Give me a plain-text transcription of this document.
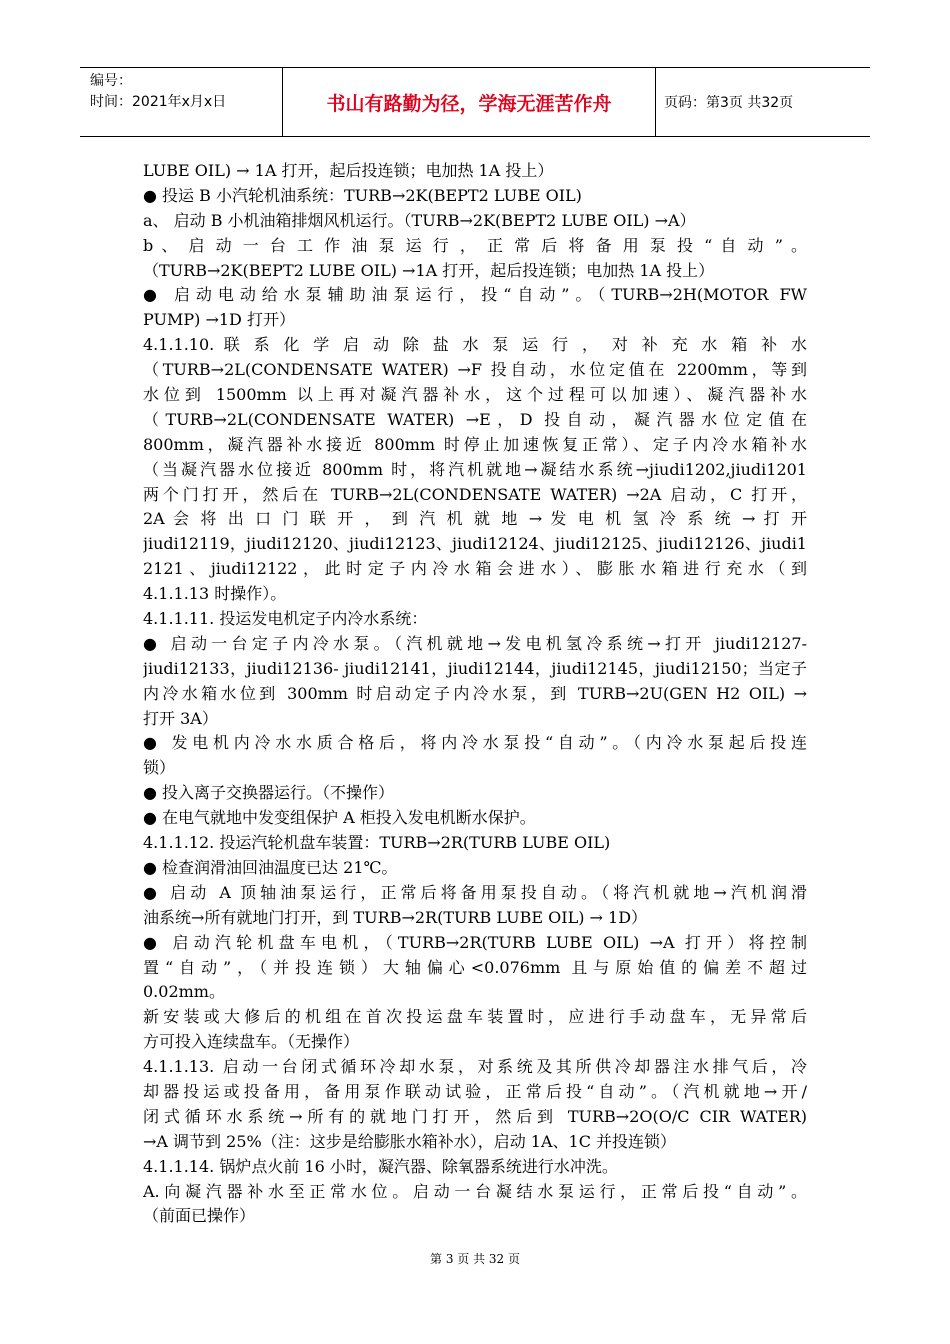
编号：
时间：2021年x月x日	书山有路勤为径，学海无涯苦作舟	页码：第3页 共32页
LUBE OIL) → 1A 打开，起后投连锁；电加热 1A 投上）
● 投运 B 小汽轮机油系统：TURB→2K(BEPT2 LUBE OIL)
a、 启动 B 小机油箱排烟风机运行。（TURB→2K(BEPT2 LUBE OIL) →A）
b 、 启 动 一 台 工 作 油 泵 运 行 ， 正 常 后 将 备 用 泵 投 “ 自 动 ” 。
（TURB→2K(BEPT2 LUBE OIL) →1A 打开，起后投连锁；电加热 1A 投上）
● 启动电动给水泵辅助油泵运行，投“自动”。（TURB→2H(MOTOR FW
PUMP) →1D 打开）
4.1.1.10. 联 系 化 学 启 动 除 盐 水 泵 运 行 ， 对 补 充 水 箱 补 水
（TURB→2L(CONDENSATE WATER) →F 投自动，水位定值在 2200mm，等到
水位到 1500mm 以上再对凝汽器补水，这个过程可以加速）、凝汽器补水
（TURB→2L(CONDENSATE WATER) →E，D 投自动，凝汽器水位定值在
800mm，凝汽器补水接近 800mm 时停止加速恢复正常）、定子内冷水箱补水
（当凝汽器水位接近 800mm 时，将汽机就地→凝结水系统→jiudi1202,jiudi1201
两个门打开，然后在 TURB→2L(CONDENSATE WATER) →2A 启动，C 打开，
2A 会 将 出 口 门 联 开 ， 到 汽 机 就 地 → 发 电 机 氢 冷 系 统 → 打 开
jiudi12119，jiudi12120、jiudi12123、jiudi12124、jiudi12125、jiudi12126、jiudi1
2121、jiudi12122，此时定子内冷水箱会进水）、膨胀水箱进行充水（到
4.1.1.13 时操作）。
4.1.1.11. 投运发电机定子内冷水系统：
● 启动一台定子内冷水泵。（汽机就地→发电机氢冷系统→打开 jiudi12127-
jiudi12133，jiudi12136- jiudi12141，jiudi12144，jiudi12145，jiudi12150；当定子
内冷水箱水位到 300mm 时启动定子内冷水泵，到 TURB→2U(GEN H2 OIL) →
打开 3A）
● 发电机内冷水水质合格后，将内冷水泵投“自动”。（内冷水泵起后投连
锁）
● 投入离子交换器运行。（不操作）
● 在电气就地中发变组保护 A 柜投入发电机断水保护。
4.1.1.12. 投运汽轮机盘车装置：TURB→2R(TURB LUBE OIL)
● 检查润滑油回油温度已达 21℃。
● 启动 A 顶轴油泵运行，正常后将备用泵投自动。（将汽机就地→汽机润滑
油系统→所有就地门打开，到 TURB→2R(TURB LUBE OIL) → 1D）
● 启动汽轮机盘车电机，（TURB→2R(TURB LUBE OIL) →A 打开）将控制
置“自动”，（并投连锁）大轴偏心<0.076mm 且与原始值的偏差不超过
0.02mm。
新安装或大修后的机组在首次投运盘车装置时，应进行手动盘车，无异常后
方可投入连续盘车。（无操作）
4.1.1.13. 启动一台闭式循环冷却水泵，对系统及其所供冷却器注水排气后，冷
却器投运或投备用，备用泵作联动试验，正常后投“自动”。（汽机就地→开/
闭式循环水系统→所有的就地门打开，然后到 TURB→2O(O/C CIR WATER)
→A 调节到 25%（注：这步是给膨胀水箱补水），启动 1A、1C 并投连锁）
4.1.1.14. 锅炉点火前 16 小时，凝汽器、除氧器系统进行水冲洗。
A.向凝汽器补水至正常水位。启动一台凝结水泵运行，正常后投“自动”。
（前面已操作）
第 3 页 共 32 页
